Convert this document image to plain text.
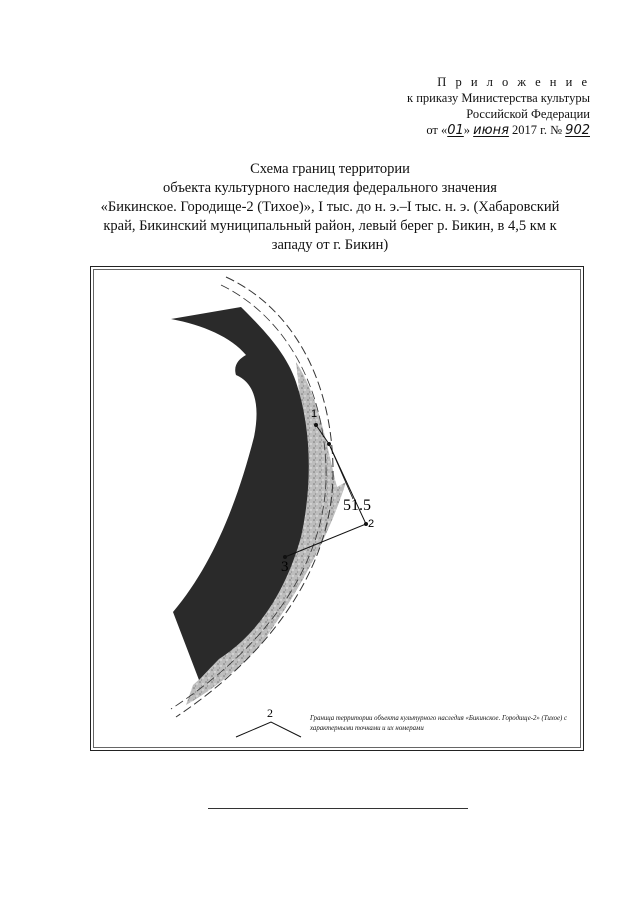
П р и л о ж е н и е
к приказу Министерства культуры
Российской Федерации
от «01» июня 2017 г. № 902
Схема границ территории
объекта культурного наследия федерального значения
«Бикинское. Городище-2 (Тихое)», I тыс. до н. э.–I тыс. н. э. (Хабаровский
край, Бикинский муниципальный район, левый берег р. Бикин, в 4,5 км к
западу от г. Бикин)
1
2
3
51.5
2	Граница территории объекта культурного наследия «Бикинское. Городище-2» (Тихое) с характерными точками и их номерами
